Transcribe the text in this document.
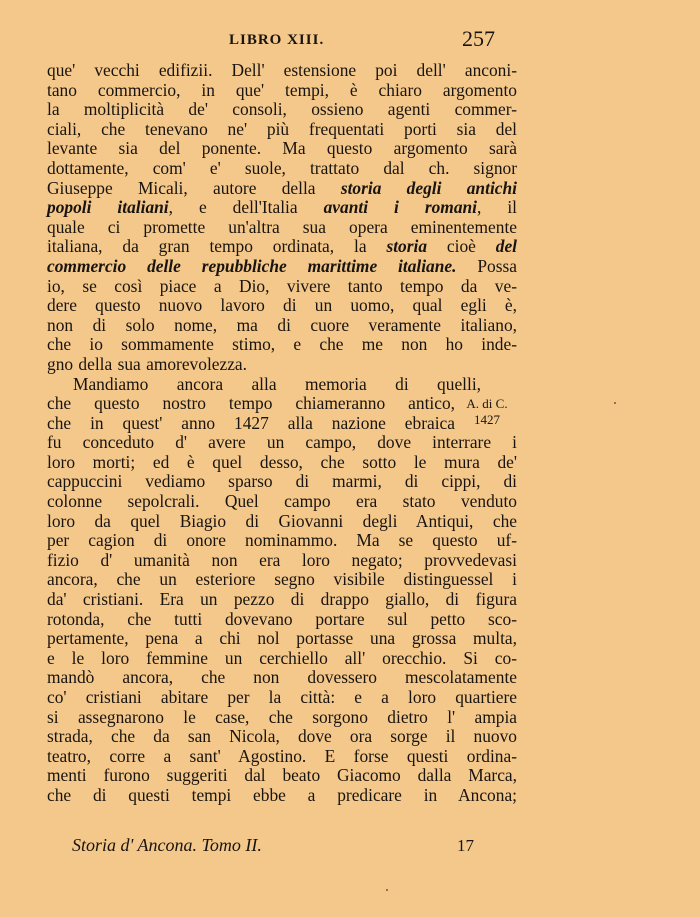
LIBRO XIII.	257
que' vecchi edifizii. Dell' estensione poi dell' anconi-
tano commercio, in que' tempi, è chiaro argomento
la moltiplicità de' consoli, ossieno agenti commer-
ciali, che tenevano ne' più frequentati porti sia del
levante sia del ponente. Ma questo argomento sarà
dottamente, com' e' suole, trattato dal ch. signor
Giuseppe Micali, autore della storia degli antichi
popoli italiani, e dell'Italia avanti i romani, il
quale ci promette un'altra sua opera eminentemente
italiana, da gran tempo ordinata, la storia cioè del
commercio delle repubbliche marittime italiane. Possa
io, se così piace a Dio, vivere tanto tempo da ve-
dere questo nuovo lavoro di un uomo, qual egli è,
non di solo nome, ma di cuore veramente italiano,
che io sommamente stimo, e che me non ho inde-
gno della sua amorevolezza.
Mandiamo ancora alla memoria di quelli,
che questo nostro tempo chiameranno antico,
che in quest' anno 1427 alla nazione ebraica
fu conceduto d' avere un campo, dove interrare i
loro morti; ed è quel desso, che sotto le mura de'
cappuccini vediamo sparso di marmi, di cippi, di
colonne sepolcrali. Quel campo era stato venduto
loro da quel Biagio di Giovanni degli Antiqui, che
per cagion di onore nominammo. Ma se questo uf-
fizio d' umanità non era loro negato; provvedevasi
ancora, che un esteriore segno visibile distinguessel i
da' cristiani. Era un pezzo di drappo giallo, di figura
rotonda, che tutti dovevano portare sul petto sco-
pertamente, pena a chi nol portasse una grossa multa,
e le loro femmine un cerchiello all' orecchio. Si co-
mandò ancora, che non dovessero mescolatamente
co' cristiani abitare per la città: e a loro quartiere
si assegnarono le case, che sorgono dietro l' ampia
strada, che da san Nicola, dove ora sorge il nuovo
teatro, corre a sant' Agostino. E forse questi ordina-
menti furono suggeriti dal beato Giacomo dalla Marca,
che di questi tempi ebbe a predicare in Ancona;
A. di C.
1427
Storia d' Ancona. Tomo II.	17
